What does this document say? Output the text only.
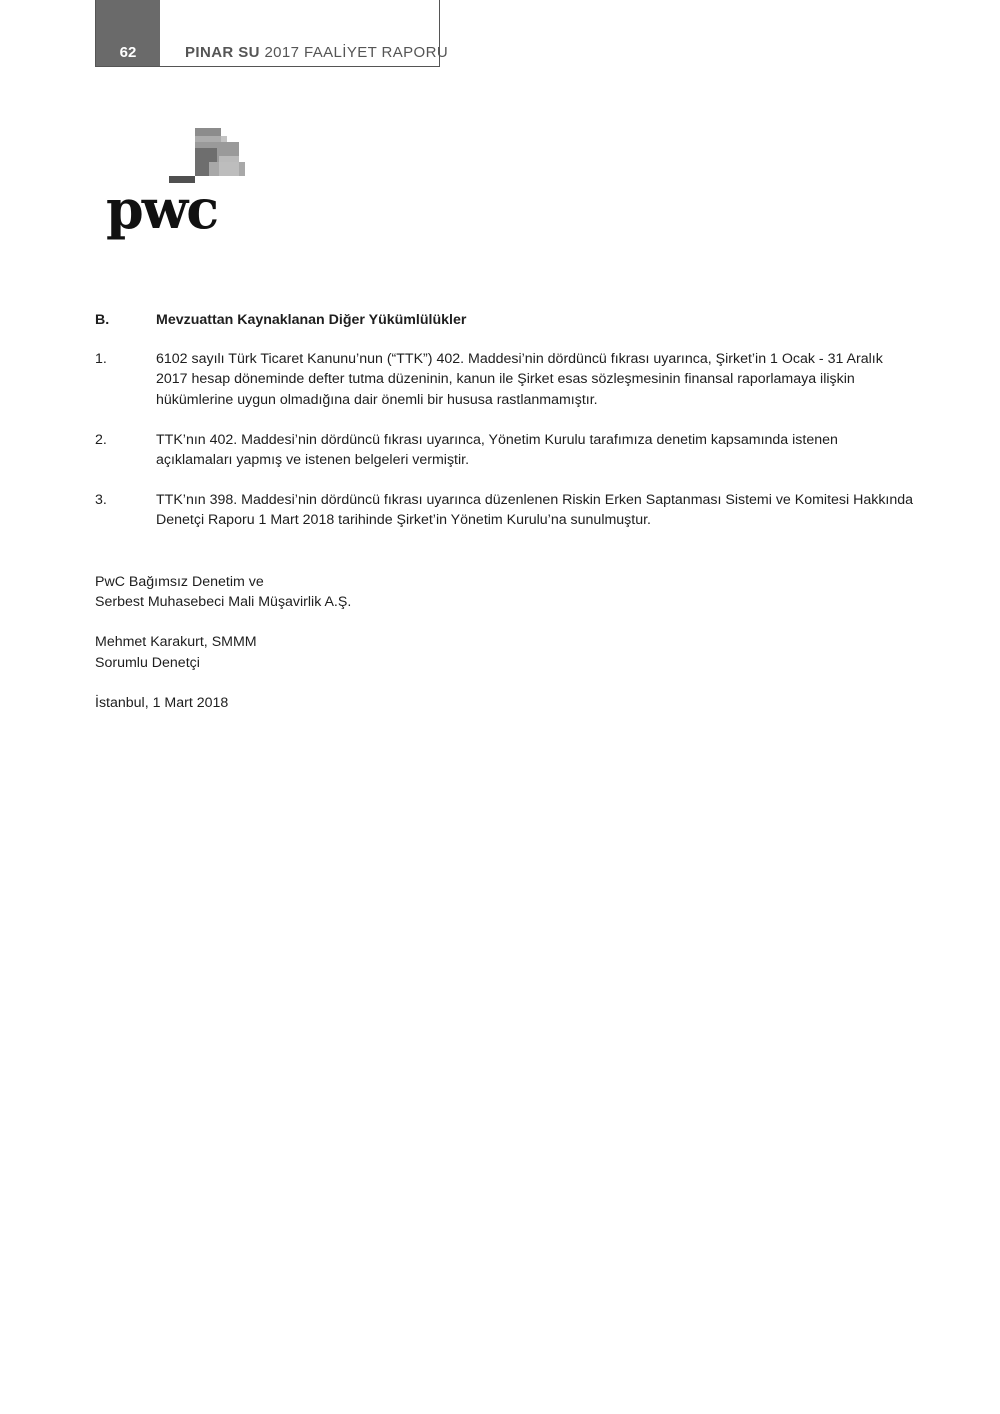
62	PINAR SU 2017 FAALİYET RAPORU
pwc
B.	Mevzuattan Kaynaklanan Diğer Yükümlülükler
1.	6102 sayılı Türk Ticaret Kanunu’nun (“TTK”) 402. Maddesi’nin dördüncü fıkrası uyarınca, Şirket’in 1 Ocak - 31 Aralık 2017 hesap döneminde defter tutma düzeninin, kanun ile Şirket esas sözleşmesinin finansal raporlamaya ilişkin hükümlerine uygun olmadığına dair önemli bir hususa rastlanmamıştır.
2.	TTK’nın 402. Maddesi’nin dördüncü fıkrası uyarınca, Yönetim Kurulu tarafımıza denetim kapsamında istenen açıklamaları yapmış ve istenen belgeleri vermiştir.
3.	TTK’nın 398. Maddesi’nin dördüncü fıkrası uyarınca düzenlenen Riskin Erken Saptanması Sistemi ve Komitesi Hakkında Denetçi Raporu 1 Mart 2018 tarihinde Şirket’in Yönetim Kurulu’na sunulmuştur.
PwC Bağımsız Denetim ve
Serbest Muhasebeci Mali Müşavirlik A.Ş.
Mehmet Karakurt, SMMM
Sorumlu Denetçi
İstanbul, 1 Mart 2018
